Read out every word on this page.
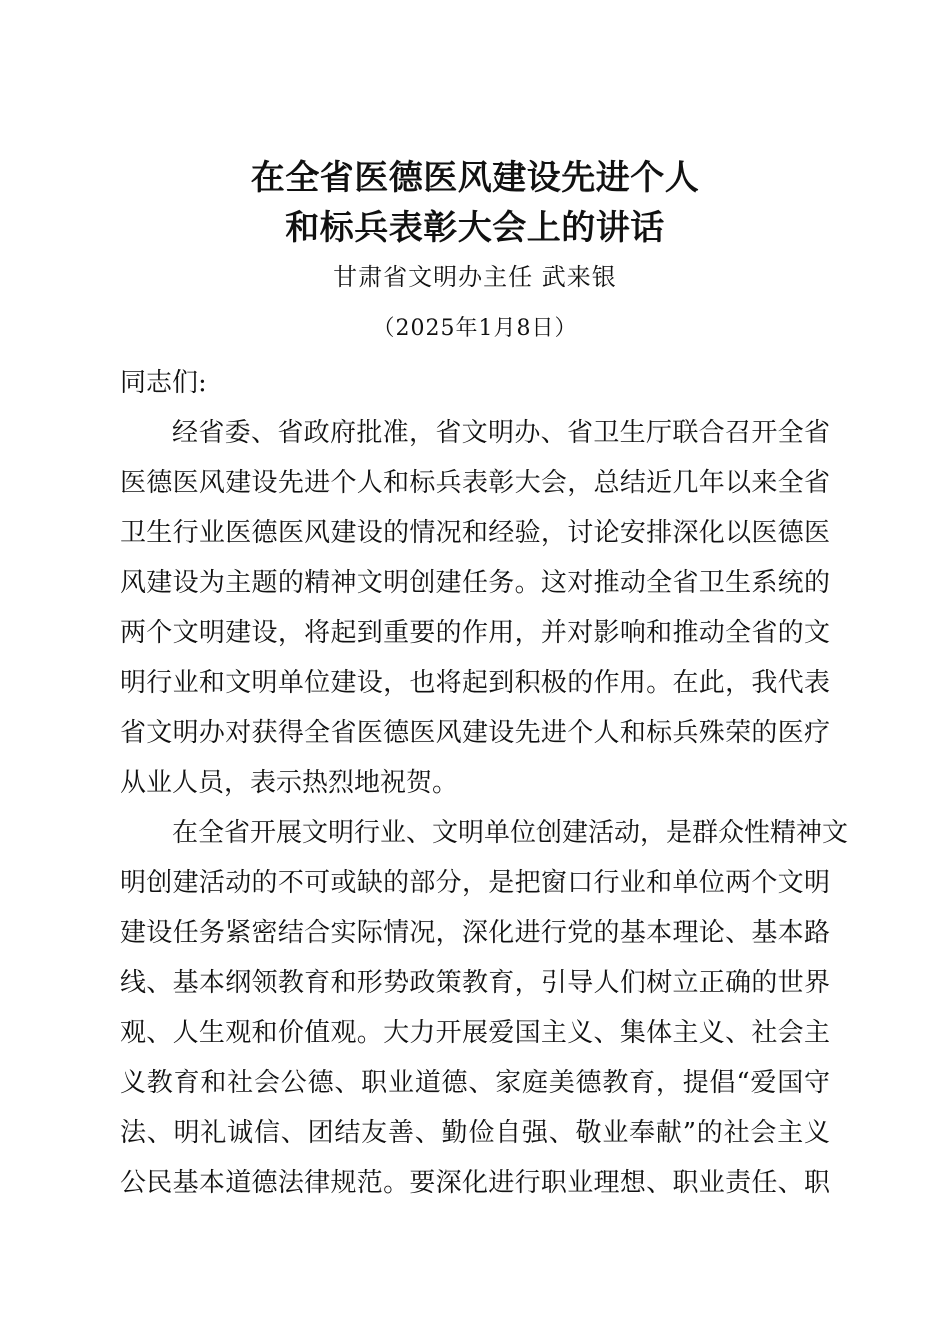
在全省医德医风建设先进个人
和标兵表彰大会上的讲话
甘肃省文明办主任 武来银
（2025年1月8日）
同志们:
经省委、省政府批准，省文明办、省卫生厅联合召开全省
医德医风建设先进个人和标兵表彰大会，总结近几年以来全省
卫生行业医德医风建设的情况和经验，讨论安排深化以医德医
风建设为主题的精神文明创建任务。这对推动全省卫生系统的
两个文明建设，将起到重要的作用，并对影响和推动全省的文
明行业和文明单位建设，也将起到积极的作用。在此，我代表
省文明办对获得全省医德医风建设先进个人和标兵殊荣的医疗
从业人员，表示热烈地祝贺。
在全省开展文明行业、文明单位创建活动，是群众性精神文
明创建活动的不可或缺的部分，是把窗口行业和单位两个文明
建设任务紧密结合实际情况，深化进行党的基本理论、基本路
线、基本纲领教育和形势政策教育，引导人们树立正确的世界
观、人生观和价值观。大力开展爱国主义、集体主义、社会主
义教育和社会公德、职业道德、家庭美德教育，提倡“爱国守
法、明礼诚信、团结友善、勤俭自强、敬业奉献”的社会主义
公民基本道德法律规范。要深化进行职业理想、职业责任、职
